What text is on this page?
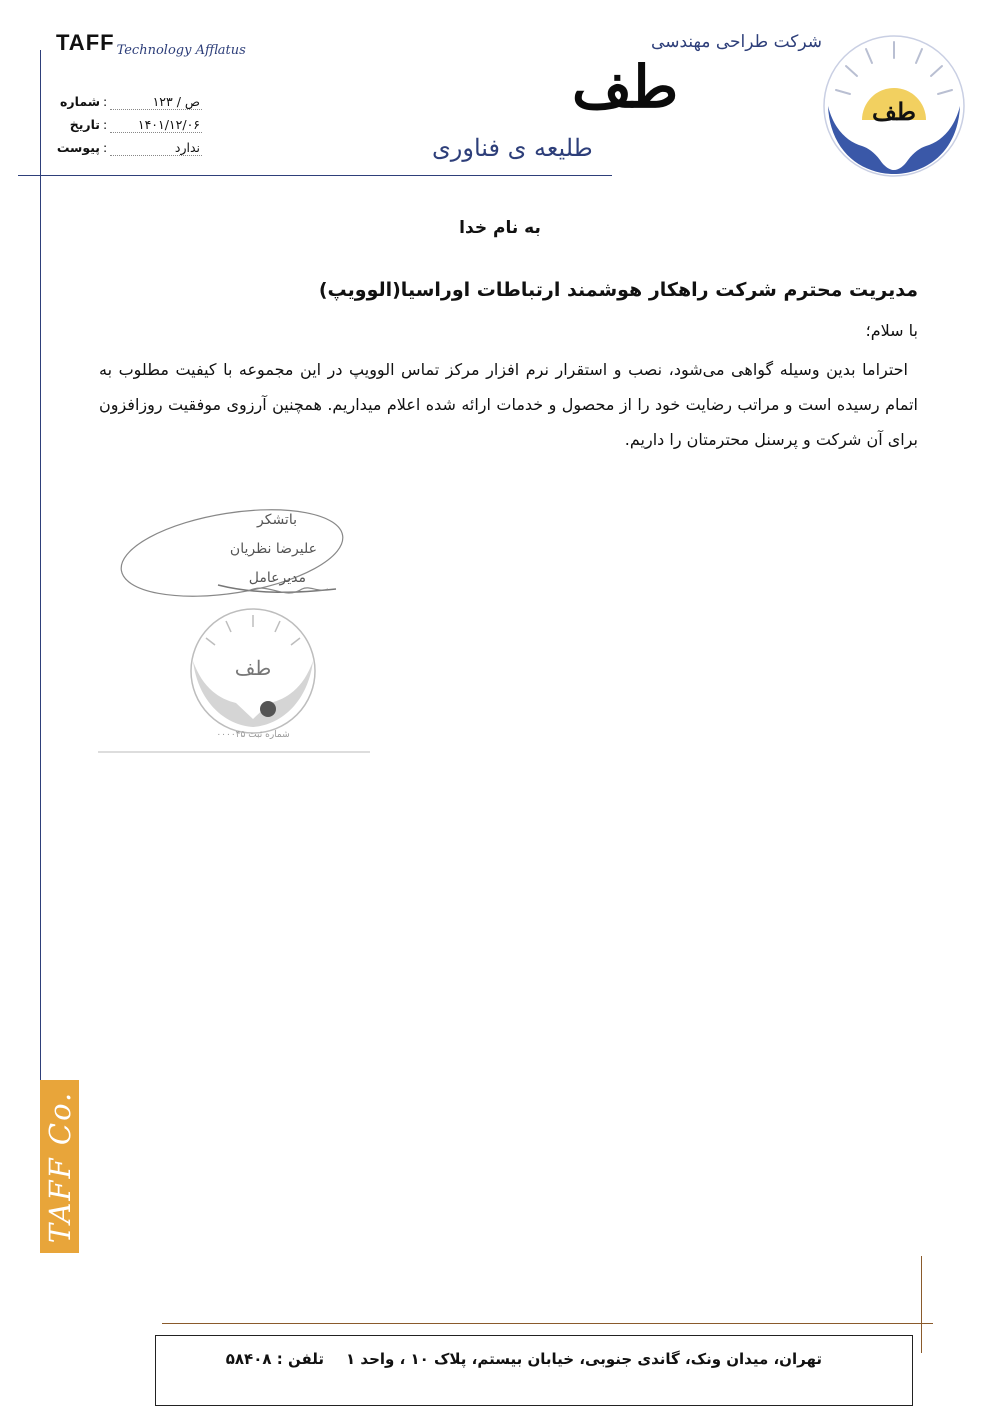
TAFF $_{Technology Afflatus}$
شماره :	ص / ۱۲۳
تاریخ :	۱۴۰۱/۱۲/۰۶
پیوست :	ندارد
شرکت طراحی مهندسی
طف
طلیعه ی فناوری
طف
به نام خدا
مدیریت محترم شرکت راهکار هوشمند ارتباطات اوراسیا(الوویپ)
با سلام؛

احتراما بدین وسیله گواهی می‌شود، نصب و استقرار نرم افزار مرکز تماس الوویپ در این مجموعه با کیفیت مطلوب به اتمام رسیده است و مراتب رضایت خود را از محصول و خدمات ارائه شده اعلام میداریم. همچنین آرزوی موفقیت روزافزون برای آن شرکت و پرسنل محترمتان را داریم.

طف
شماره ثبت ۰۰۰۰۴۵
باتشکر
علیرضا نظریان
مدیرعامل
TAFF Co.
تهران، میدان ونک، گاندی جنوبی، خیابان بیستم، پلاک ۱۰ ، واحد ۱تلفن : ۵۸۴۰۸
